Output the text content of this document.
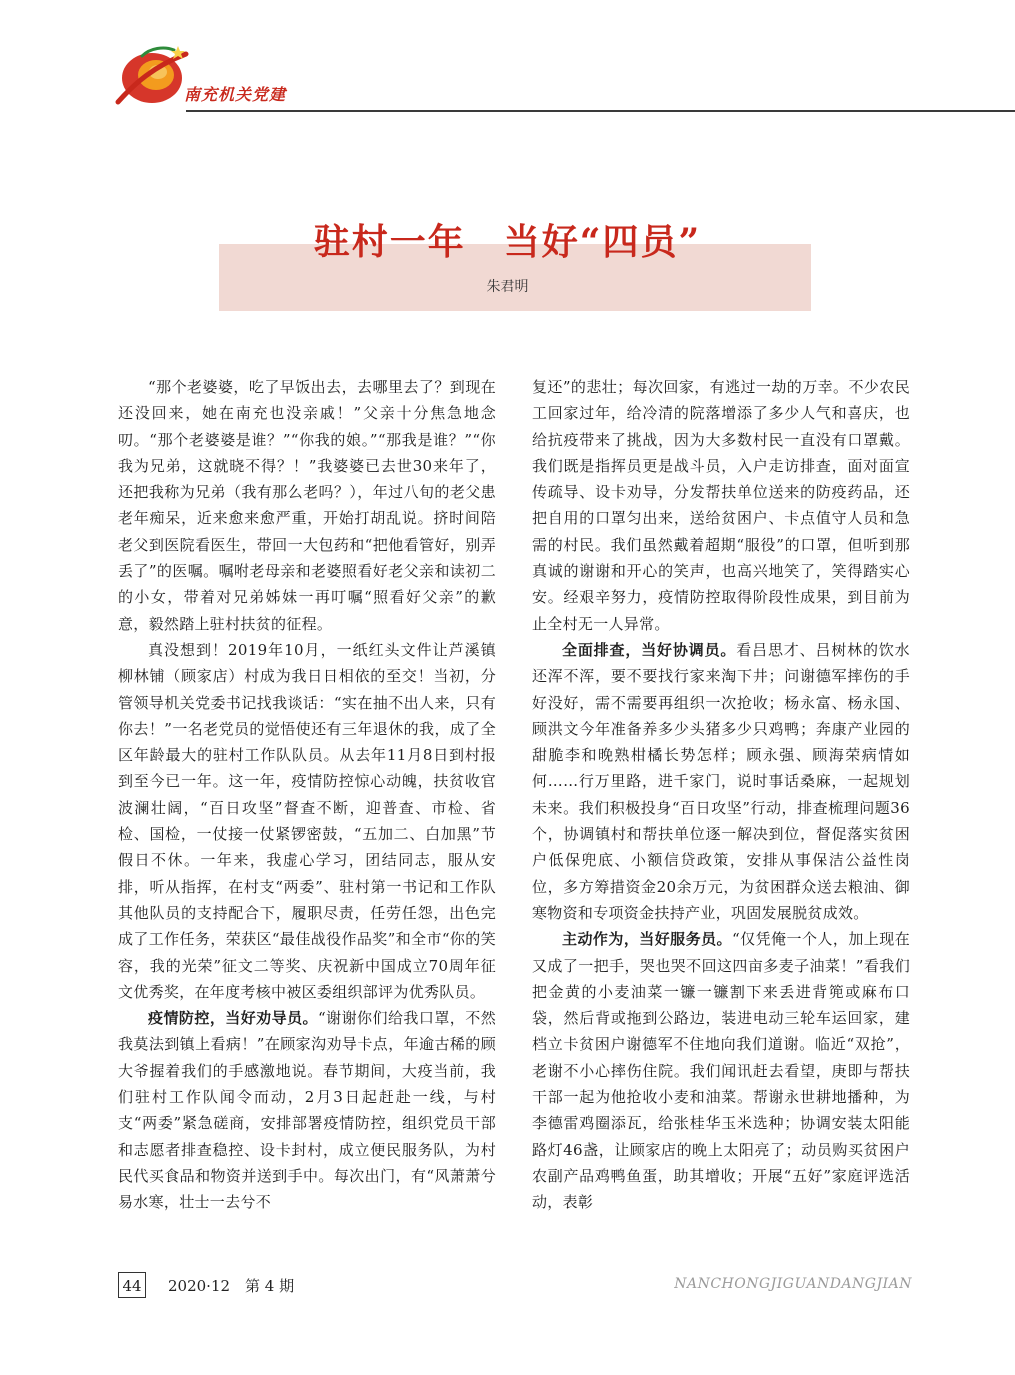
南充机关党建
驻村一年　当好“四员”
朱君明

“那个老婆婆，吃了早饭出去，去哪里去了？到现在还没回来，她在南充也没亲戚！”父亲十分焦急地念叨。“那个老婆婆是谁？”“你我的娘。”“那我是谁？”“你我为兄弟，这就晓不得？！”我婆婆已去世30来年了，还把我称为兄弟（我有那么老吗？），年过八旬的老父患老年痴呆，近来愈来愈严重，开始打胡乱说。挤时间陪老父到医院看医生，带回一大包药和“把他看管好，别弄丢了”的医嘱。嘱咐老母亲和老婆照看好老父亲和读初二的小女，带着对兄弟姊妹一再叮嘱“照看好父亲”的歉意，毅然踏上驻村扶贫的征程。

真没想到！2019年10月，一纸红头文件让芦溪镇柳林铺（顾家店）村成为我日日相依的至交！当初，分管领导机关党委书记找我谈话：“实在抽不出人来，只有你去！”一名老党员的觉悟使还有三年退休的我，成了全区年龄最大的驻村工作队队员。从去年11月8日到村报到至今已一年。这一年，疫情防控惊心动魄，扶贫收官波澜壮阔，“百日攻坚”督查不断，迎普查、市检、省检、国检，一仗接一仗紧锣密鼓，“五加二、白加黑”节假日不休。一年来，我虚心学习，团结同志，服从安排，听从指挥，在村支“两委”、驻村第一书记和工作队其他队员的支持配合下，履职尽责，任劳任怨，出色完成了工作任务，荣获区“最佳战役作品奖”和全市“你的笑容，我的光荣”征文二等奖、庆祝新中国成立70周年征文优秀奖，在年度考核中被区委组织部评为优秀队员。

疫情防控，当好劝导员。“谢谢你们给我口罩，不然我莫法到镇上看病！”在顾家沟劝导卡点，年逾古稀的顾大爷握着我们的手感激地说。春节期间，大疫当前，我们驻村工作队闻令而动，2月3日起赶赴一线，与村支“两委”紧急磋商，安排部署疫情防控，组织党员干部和志愿者排查稳控、设卡封村，成立便民服务队，为村民代买食品和物资并送到手中。每次出门，有“风萧萧兮易水寒，壮士一去兮不

复还”的悲壮；每次回家，有逃过一劫的万幸。不少农民工回家过年，给冷清的院落增添了多少人气和喜庆，也给抗疫带来了挑战，因为大多数村民一直没有口罩戴。我们既是指挥员更是战斗员，入户走访排查，面对面宣传疏导、设卡劝导，分发帮扶单位送来的防疫药品，还把自用的口罩匀出来，送给贫困户、卡点值守人员和急需的村民。我们虽然戴着超期“服役”的口罩，但听到那真诚的谢谢和开心的笑声，也高兴地笑了，笑得踏实心安。经艰辛努力，疫情防控取得阶段性成果，到目前为止全村无一人异常。

全面排查，当好协调员。看吕思才、吕树林的饮水还浑不浑，要不要找行家来淘下井；问谢德军摔伤的手好没好，需不需要再组织一次抢收；杨永富、杨永国、顾洪文今年准备养多少头猪多少只鸡鸭；奔康产业园的甜脆李和晚熟柑橘长势怎样；顾永强、顾海荣病情如何……行万里路，进千家门，说时事话桑麻，一起规划未来。我们积极投身“百日攻坚”行动，排查梳理问题36个，协调镇村和帮扶单位逐一解决到位，督促落实贫困户低保兜底、小额信贷政策，安排从事保洁公益性岗位，多方筹措资金20余万元，为贫困群众送去粮油、御寒物资和专项资金扶持产业，巩固发展脱贫成效。

主动作为，当好服务员。“仅凭俺一个人，加上现在又成了一把手，哭也哭不回这四亩多麦子油菜！”看我们把金黄的小麦油菜一镰一镰割下来丢进背篼或麻布口袋，然后背或拖到公路边，装进电动三轮车运回家，建档立卡贫困户谢德军不住地向我们道谢。临近“双抢”，老谢不小心摔伤住院。我们闻讯赶去看望，庚即与帮扶干部一起为他抢收小麦和油菜。帮谢永世耕地播种，为李德雷鸡圈添瓦，给张桂华玉米选种；协调安装太阳能路灯46盏，让顾家店的晚上太阳亮了；动员购买贫困户农副产品鸡鸭鱼蛋，助其增收；开展“五好”家庭评选活动，表彰

44 2020·12　第 4 期	NANCHONGJIGUANDANGJIAN
